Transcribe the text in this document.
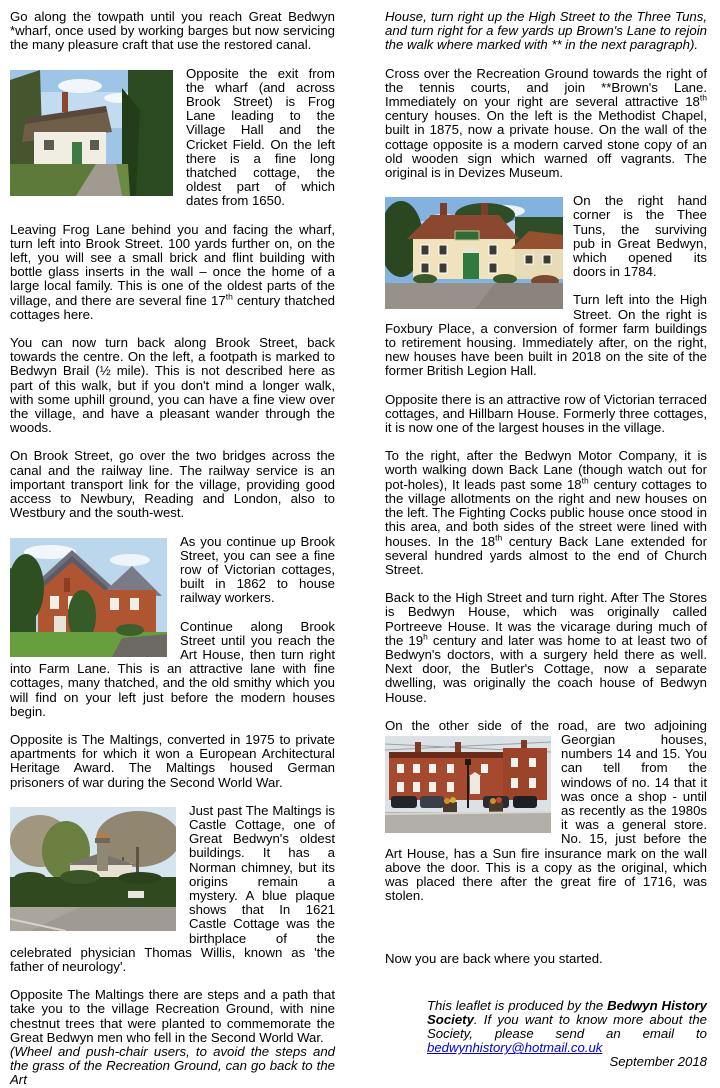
Go along the towpath until you reach Great Bedwyn *wharf, once used by working barges but now servicing the many pleasure craft that use the restored canal.

Opposite the exit from the wharf (and across Brook Street) is Frog Lane leading to the Village Hall and the Cricket Field. On the left there is a fine long thatched cottage, the oldest part of which dates from 1650.

Leaving Frog Lane behind you and facing the wharf, turn left into Brook Street. 100 yards further on, on the left, you will see a small brick and flint building with bottle glass inserts in the wall – once the home of a large local family. This is one of the oldest parts of the village, and there are several fine 17th century thatched cottages here.

You can now turn back along Brook Street, back towards the centre. On the left, a footpath is marked to Bedwyn Brail (½ mile). This is not described here as part of this walk, but if you don't mind a longer walk, with some uphill ground, you can have a fine view over the village, and have a pleasant wander through the woods.

On Brook Street, go over the two bridges across the canal and the railway line. The railway service is an important transport link for the village, providing good access to Newbury, Reading and London, also to Westbury and the south-west.

As you continue up Brook Street, you can see a fine row of Victorian cottages, built in 1862 to house railway workers.

Continue along Brook Street until you reach the Art House, then turn right into Farm Lane. This is an attractive lane with fine cottages, many thatched, and the old smithy which you will find on your left just before the modern houses begin.

Opposite is The Maltings, converted in 1975 to private apartments for which it won a European Architectural Heritage Award. The Maltings housed German prisoners of war during the Second World War.

Just past The Maltings is Castle Cottage, one of Great Bedwyn's oldest buildings. It has a Norman chimney, but its origins remain a mystery. A blue plaque shows that In 1621 Castle Cottage was the birthplace of the celebrated physician Thomas Willis, known as 'the father of neurology'.

Opposite The Maltings there are steps and a path that take you to the village Recreation Ground, with nine chestnut trees that were planted to commemorate the Great Bedwyn men who fell in the Second World War.

(Wheel and push-chair users, to avoid the steps and the grass of the Recreation Ground, can go back to the Art

House, turn right up the High Street to the Three Tuns, and turn right for a few yards up Brown's Lane to rejoin the walk where marked with ** in the next paragraph).

Cross over the Recreation Ground towards the right of the tennis courts, and join **Brown's Lane. Immediately on your right are several attractive 18th century houses. On the left is the Methodist Chapel, built in 1875, now a private house. On the wall of the cottage opposite is a modern carved stone copy of an old wooden sign which warned off vagrants. The original is in Devizes Museum.

On the right hand corner is the Thee Tuns, the surviving pub in Great Bedwyn, which opened its doors in 1784.

Turn left into the High Street. On the right is Foxbury Place, a conversion of former farm buildings to retirement housing. Immediately after, on the right, new houses have been built in 2018 on the site of the former British Legion Hall.

Opposite there is an attractive row of Victorian terraced cottages, and Hillbarn House. Formerly three cottages, it is now one of the largest houses in the village.

To the right, after the Bedwyn Motor Company, it is worth walking down Back Lane (though watch out for pot-holes), It leads past some 18th century cottages to the village allotments on the right and new houses on the left. The Fighting Cocks public house once stood in this area, and both sides of the street were lined with houses. In the 18th century Back Lane extended for several hundred yards almost to the end of Church Street.

Back to the High Street and turn right. After The Stores is Bedwyn House, which was originally called Portreeve House. It was the vicarage during much of the 19$^h$ century and later was home to at least two of Bedwyn's doctors, with a surgery held there as well. Next door, the Butler's Cottage, now a separate dwelling, was originally the coach house of Bedwyn House.

On the other side of the road, are two adjoining Georgian
houses, numbers 14 and 15. You can tell from the windows of no. 14 that it was once a shop - until as recently as the 1980s it was a general store. No. 15, just before the Art House, has a Sun fire insurance mark on the wall above the door. This is a copy as the original, which was placed there after the great fire of 1716, was stolen.

Now you are back where you started.

This leaflet is produced by the Bedwyn History Society. If you want to know more about the Society, please send an email to bedwynhistory@hotmail.co.uk
September 2018
